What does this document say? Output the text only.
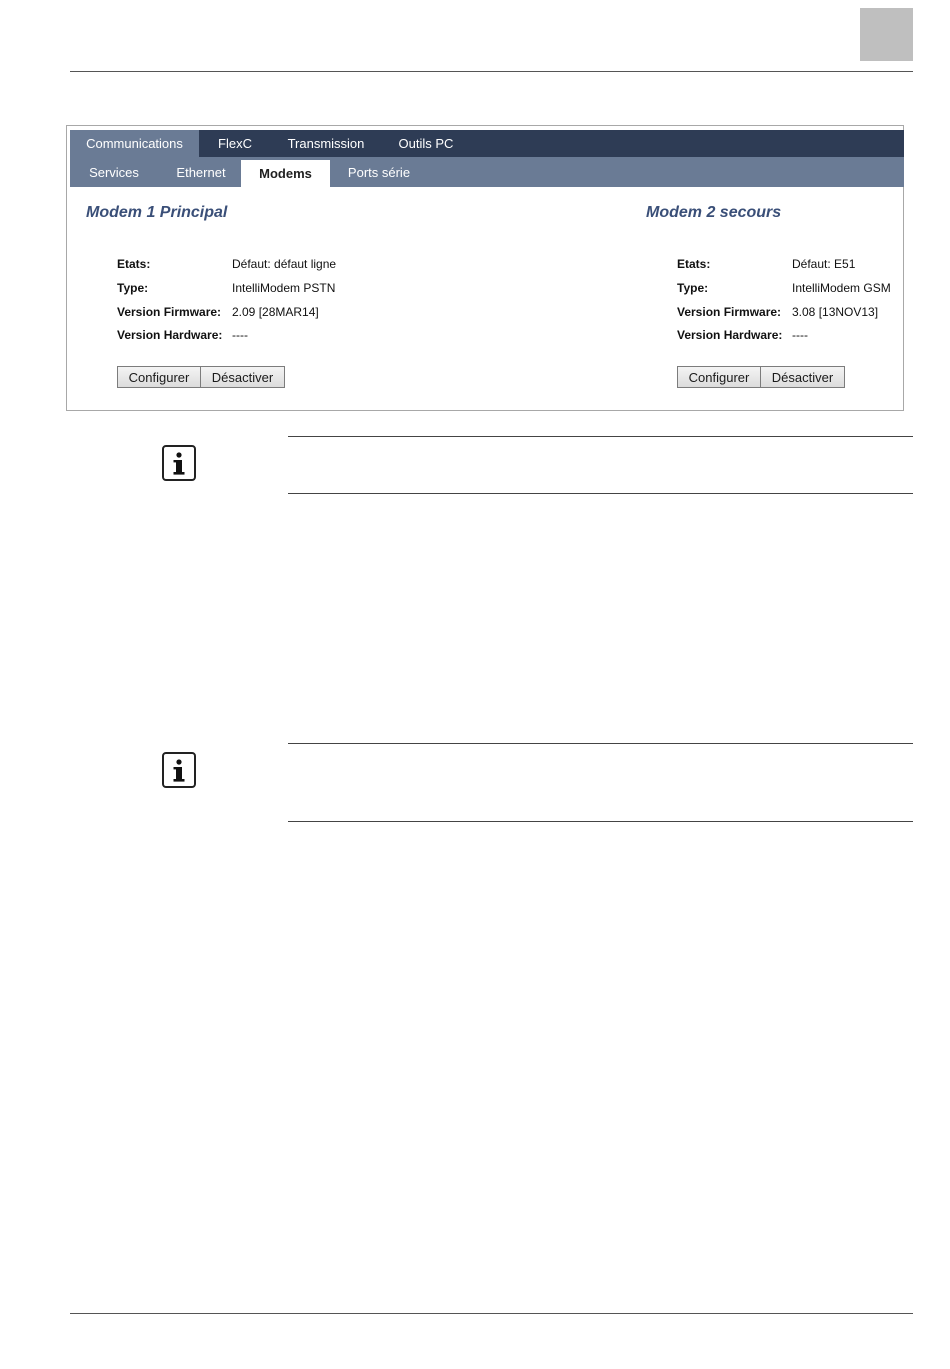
Communications	FlexC	Transmission	Outils PC
Services	Ethernet	Modems	Ports série
Modem 1 Principal
Etats:	Défaut: défaut ligne
Type:	IntelliModem PSTN
Version Firmware: 2.09 [28MAR14]
Version Hardware: ----
Configurer	Désactiver
Modem 2 secours
Etats:	Défaut: E51
Type:	IntelliModem GSM
Version Firmware: 3.08 [13NOV13]
Version Hardware: ----
Configurer	Désactiver
